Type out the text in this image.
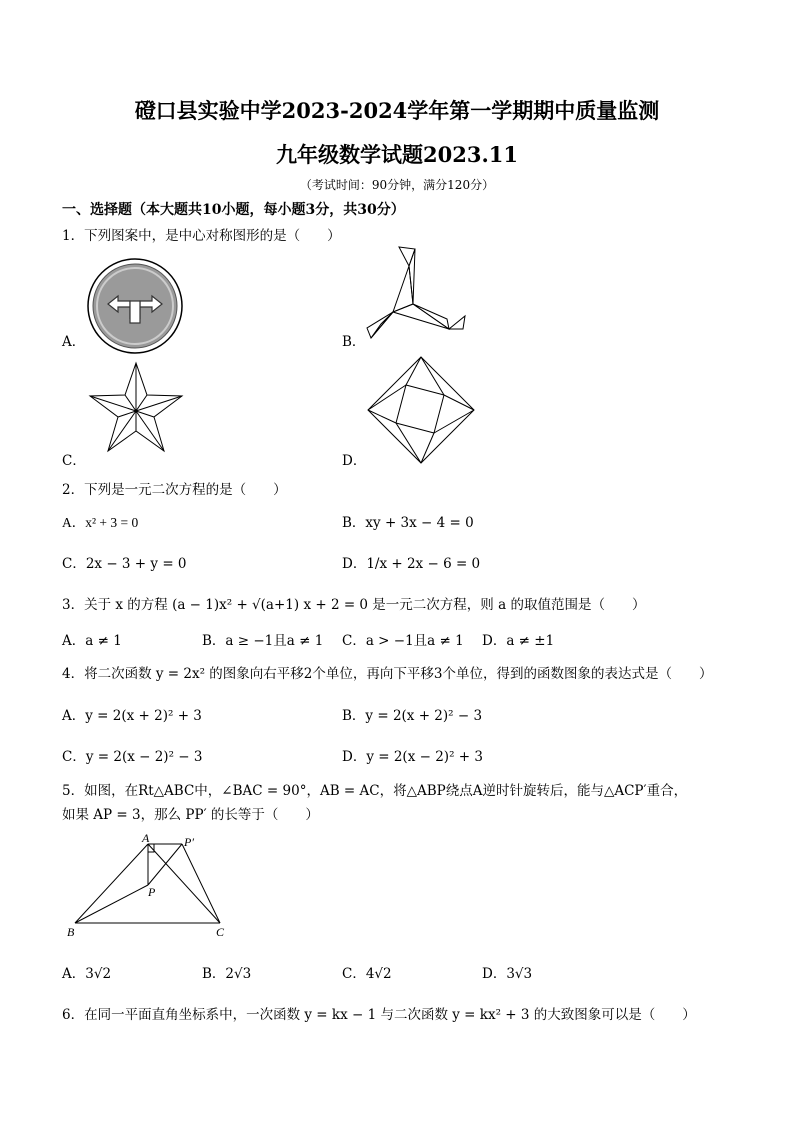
磴口县实验中学2023-2024学年第一学期期中质量监测
九年级数学试题2023.11
（考试时间：90分钟，满分120分）
一、选择题（本大题共10小题，每小题3分，共30分）
1．下列图案中，是中心对称图形的是（　　）
A．	B．
C．	D．
2．下列是一元二次方程的是（　　）
A．x² + 3 = 0	B．xy + 3x − 4 = 0
C．2x − 3 + y = 0	D．1/x + 2x − 6 = 0
3．关于 x 的方程 (a − 1)x² + √(a+1) x + 2 = 0 是一元二次方程，则 a 的取值范围是（　　）
A．a ≠ 1	B．a ≥ −1且a ≠ 1 C．a > −1且a ≠ 1 D．a ≠ ±1
4．将二次函数 y = 2x² 的图象向右平移2个单位，再向下平移3个单位，得到的函数图象的表达式是（　　）
A．y = 2(x + 2)² + 3	B．y = 2(x + 2)² − 3
C．y = 2(x − 2)² − 3	D．y = 2(x − 2)² + 3
5．如图，在Rt△ABC中，∠BAC = 90°，AB = AC，将△ABP绕点A逆时针旋转后，能与△ACP′重合，
如果 AP = 3，那么 PP′ 的长等于（　　）
A	P′
P
B	C
A．3√2	B．2√3	C．4√2	D．3√3
6．在同一平面直角坐标系中，一次函数 y = kx − 1 与二次函数 y = kx² + 3 的大致图象可以是（　　）
